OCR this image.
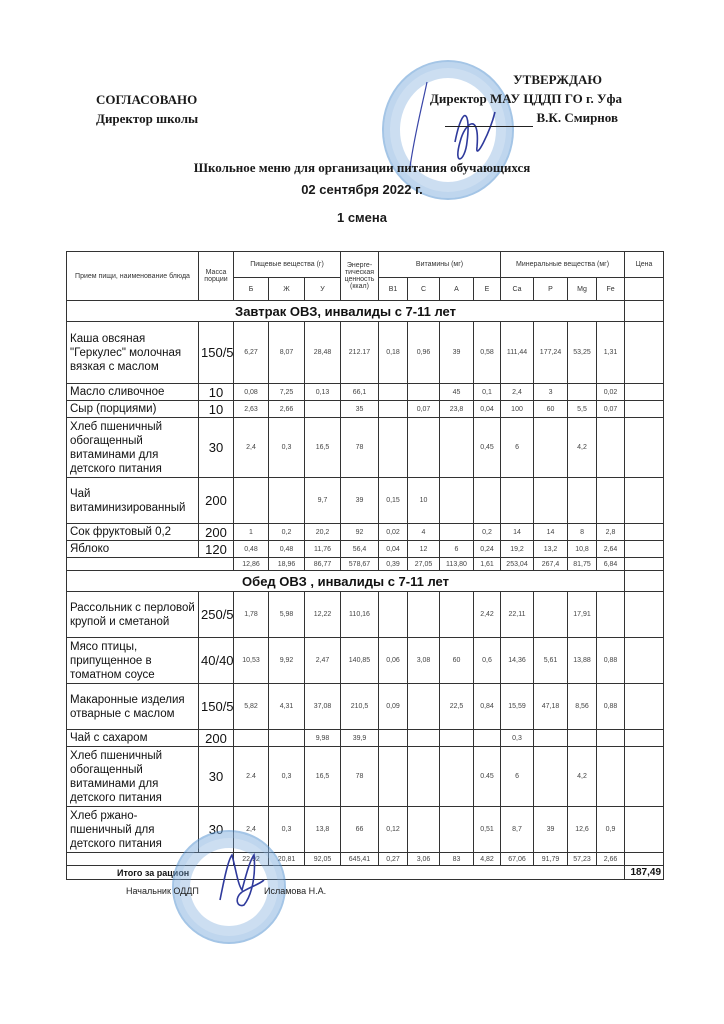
СОГЛАСОВАНО
Директор школы
УТВЕРЖДАЮ
Директор МАУ ЦДДП ГО г. Уфа
В.К. Смирнов
Школьное меню для организации питания обучающихся
02 сентября 2022 г.
1 смена
Прием пищи, наименование блюда	Масса порции	Пищевые вещества (г)			Энерге-тическая ценность (ккал)	Витамины (мг)				Минеральные вещества (мг)				Цена
		Б	Ж	У		B1	C	A	E	Ca	P	Mg	Fe	
Завтрак ОВЗ, инвалиды с 7-11 лет														
Каша овсяная "Геркулес" молочная вязкая с маслом	150/5	6,27	8,07	28,48	212.17	0,18	0,96	39	0,58	111,44	177,24	53,25	1,31	
Масло сливочное	10	0,08	7,25	0,13	66,1			45	0,1	2,4	3		0,02	
Сыр (порциями)	10	2,63	2,66		35		0,07	23,8	0,04	100	60	5,5	0,07	
Хлеб пшеничный обогащенный витаминами для детского питания	30	2,4	0,3	16,5	78				0,45	6		4,2		
Чай витаминизированный	200			9,7	39	0,15	10							
Сок фруктовый 0,2	200	1	0,2	20,2	92	0,02	4		0,2	14	14	8	2,8	
Яблоко	120	0,48	0,48	11,76	56,4	0,04	12	6	0,24	19,2	13,2	10,8	2,64	
		12,86	18,96	86,77	578,67	0,39	27,05	113,80	1,61	253,04	267,4	81,75	6,84	
Обед ОВЗ , инвалиды с 7-11 лет														
Рассольник с перловой крупой и сметаной	250/5	1,78	5,98	12,22	110,16				2,42	22,11		17,91		
Мясо птицы, припущенное в томатном соусе	40/40	10,53	9,92	2,47	140,85	0,06	3,08	60	0,6	14,36	5,61	13,88	0,88	
Макаронные изделия отварные с маслом	150/5	5,82	4,31	37,08	210,5	0,09		22,5	0,84	15,59	47,18	8,56	0,88	
Чай с сахаром	200			9,98	39,9					0,3				
Хлеб пшеничный обогащенный витаминами для детского питания	30	2.4	0,3	16,5	78				0.45	6		4,2		
Хлеб ржано-пшеничный для детского питания	30	2,4	0,3	13,8	66	0,12			0,51	8,7	39	12,6	0,9	
		22,92	20,81	92,05	645,41	0,27	3,06	83	4,82	67,06	91,79	57,23	2,66	
Итого за рацион														187,49
Начальник ОДДП	Исламова Н.А.
